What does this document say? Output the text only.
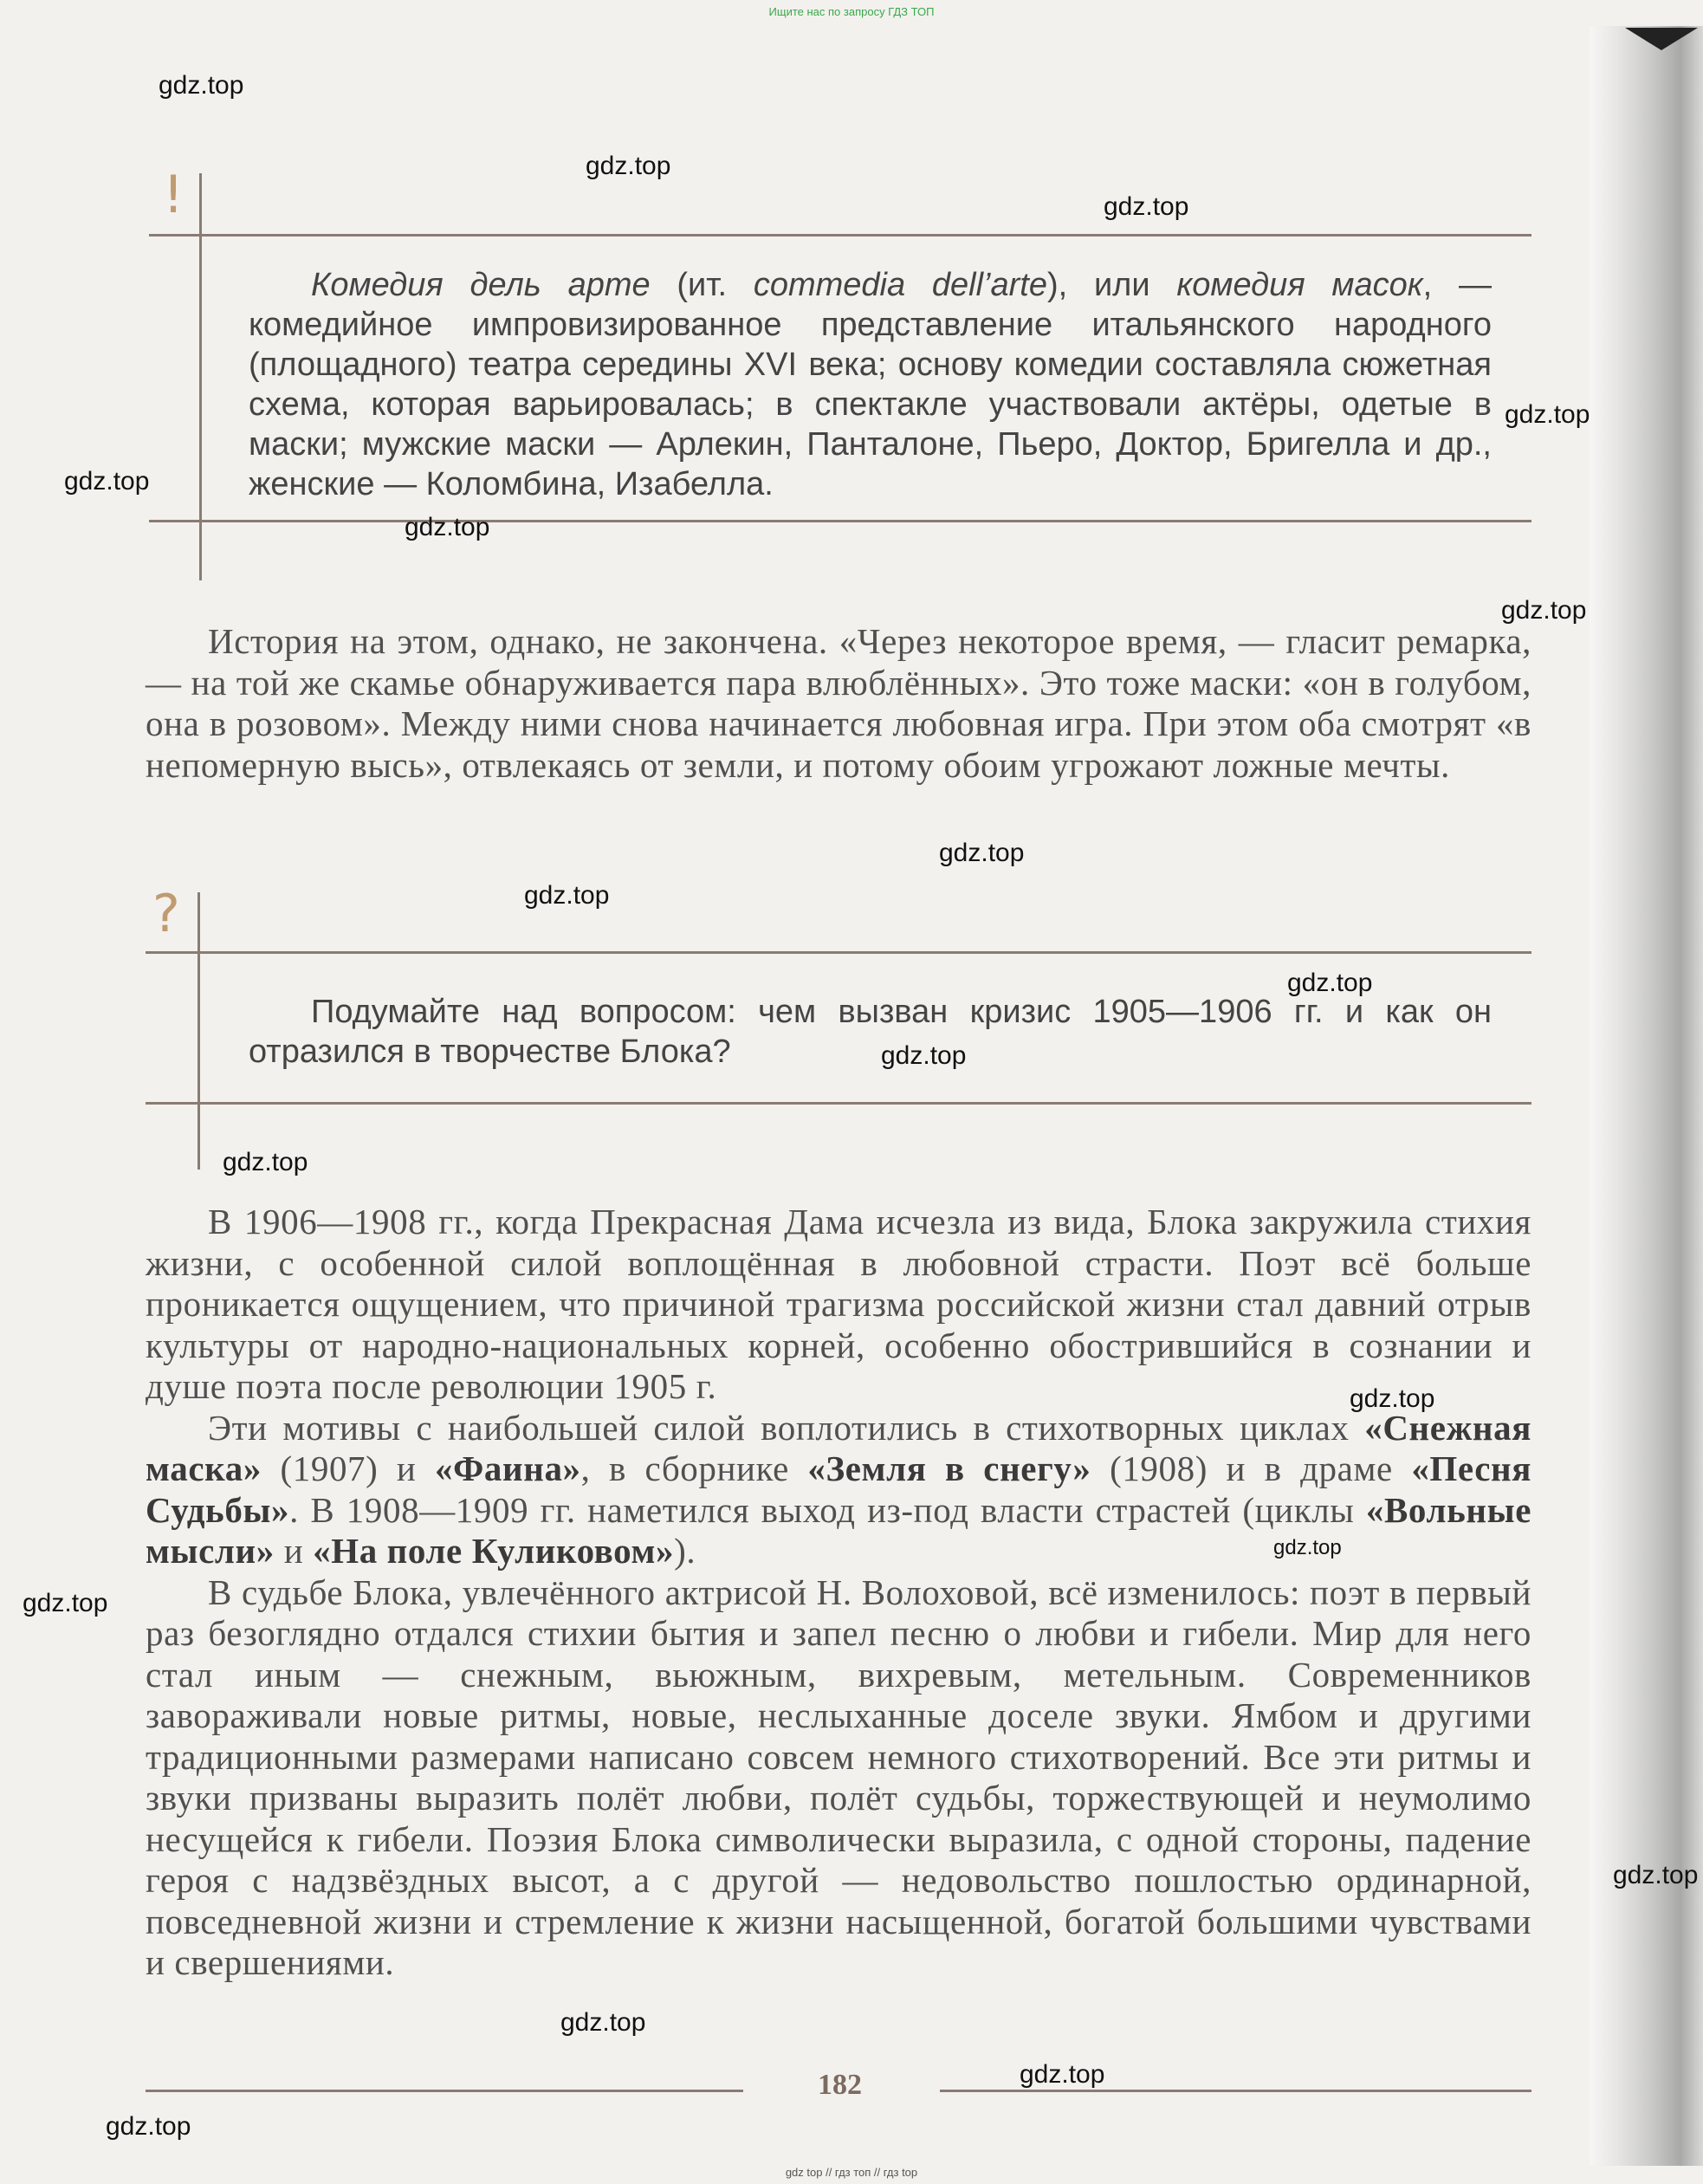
Ищите нас по запросу ГДЗ ТОП
!
Комедия дель арте (ит. commedia dell’arte), или комедия масок, — комедийное импровизированное представление итальянского народного (площадного) театра середины XVI века; основу комедии составляла сюжетная схема, которая варьировалась; в спектакле участвовали актёры, одетые в маски; мужские маски — Арлекин, Панталоне, Пьеро, Доктор, Бригелла и др., женские — Коломбина, Изабелла.

История на этом, однако, не закончена. «Через некоторое время, — гласит ремарка, — на той же скамье обнаруживается пара влюблённых». Это тоже маски: «он в голубом, она в розовом». Между ними снова начинается любовная игра. При этом оба смотрят «в непомерную высь», отвлекаясь от земли, и потому обоим угрожают ложные мечты.

?
Подумайте над вопросом: чем вызван кризис 1905—1906 гг. и как он отразился в творчестве Блока?

В 1906—1908 гг., когда Прекрасная Дама исчезла из вида, Блока закружила стихия жизни, с особенной силой воплощённая в любовной страсти. Поэт всё больше проникается ощущением, что причиной трагизма российской жизни стал давний отрыв культуры от народно-национальных корней, особенно обострившийся в сознании и душе поэта после революции 1905 г.

Эти мотивы с наибольшей силой воплотились в стихотворных циклах «Снежная маска» (1907) и «Фаина», в сборнике «Земля в снегу» (1908) и в драме «Песня Судьбы». В 1908—1909 гг. наметился выход из-под власти страстей (циклы «Вольные мысли» и «На поле Куликовом»).

В судьбе Блока, увлечённого актрисой Н. Волоховой, всё изменилось: поэт в первый раз безоглядно отдался стихии бытия и запел песню о любви и гибели. Мир для него стал иным — снежным, вьюжным, вихревым, метельным. Современников завораживали новые ритмы, новые, неслыханные доселе звуки. Ямбом и другими традиционными размерами написано совсем немного стихотворений. Все эти ритмы и звуки призваны выразить полёт любви, полёт судьбы, торжествующей и неумолимо несущейся к гибели. Поэзия Блока символически выразила, с одной стороны, падение героя с надзвёздных высот, а с другой — недовольство пошлостью ординарной, повседневной жизни и стремление к жизни насыщенной, богатой большими чувствами и свершениями.

182
gdz.top
gdz.top
gdz.top
gdz.top
gdz.top
gdz.top
gdz.top
gdz.top
gdz.top
gdz.top
gdz.top
gdz.top
gdz.top
gdz.top
gdz.top
gdz.top
gdz.top
gdz.top
gdz.top
gdz top // гдз топ // гдз top
